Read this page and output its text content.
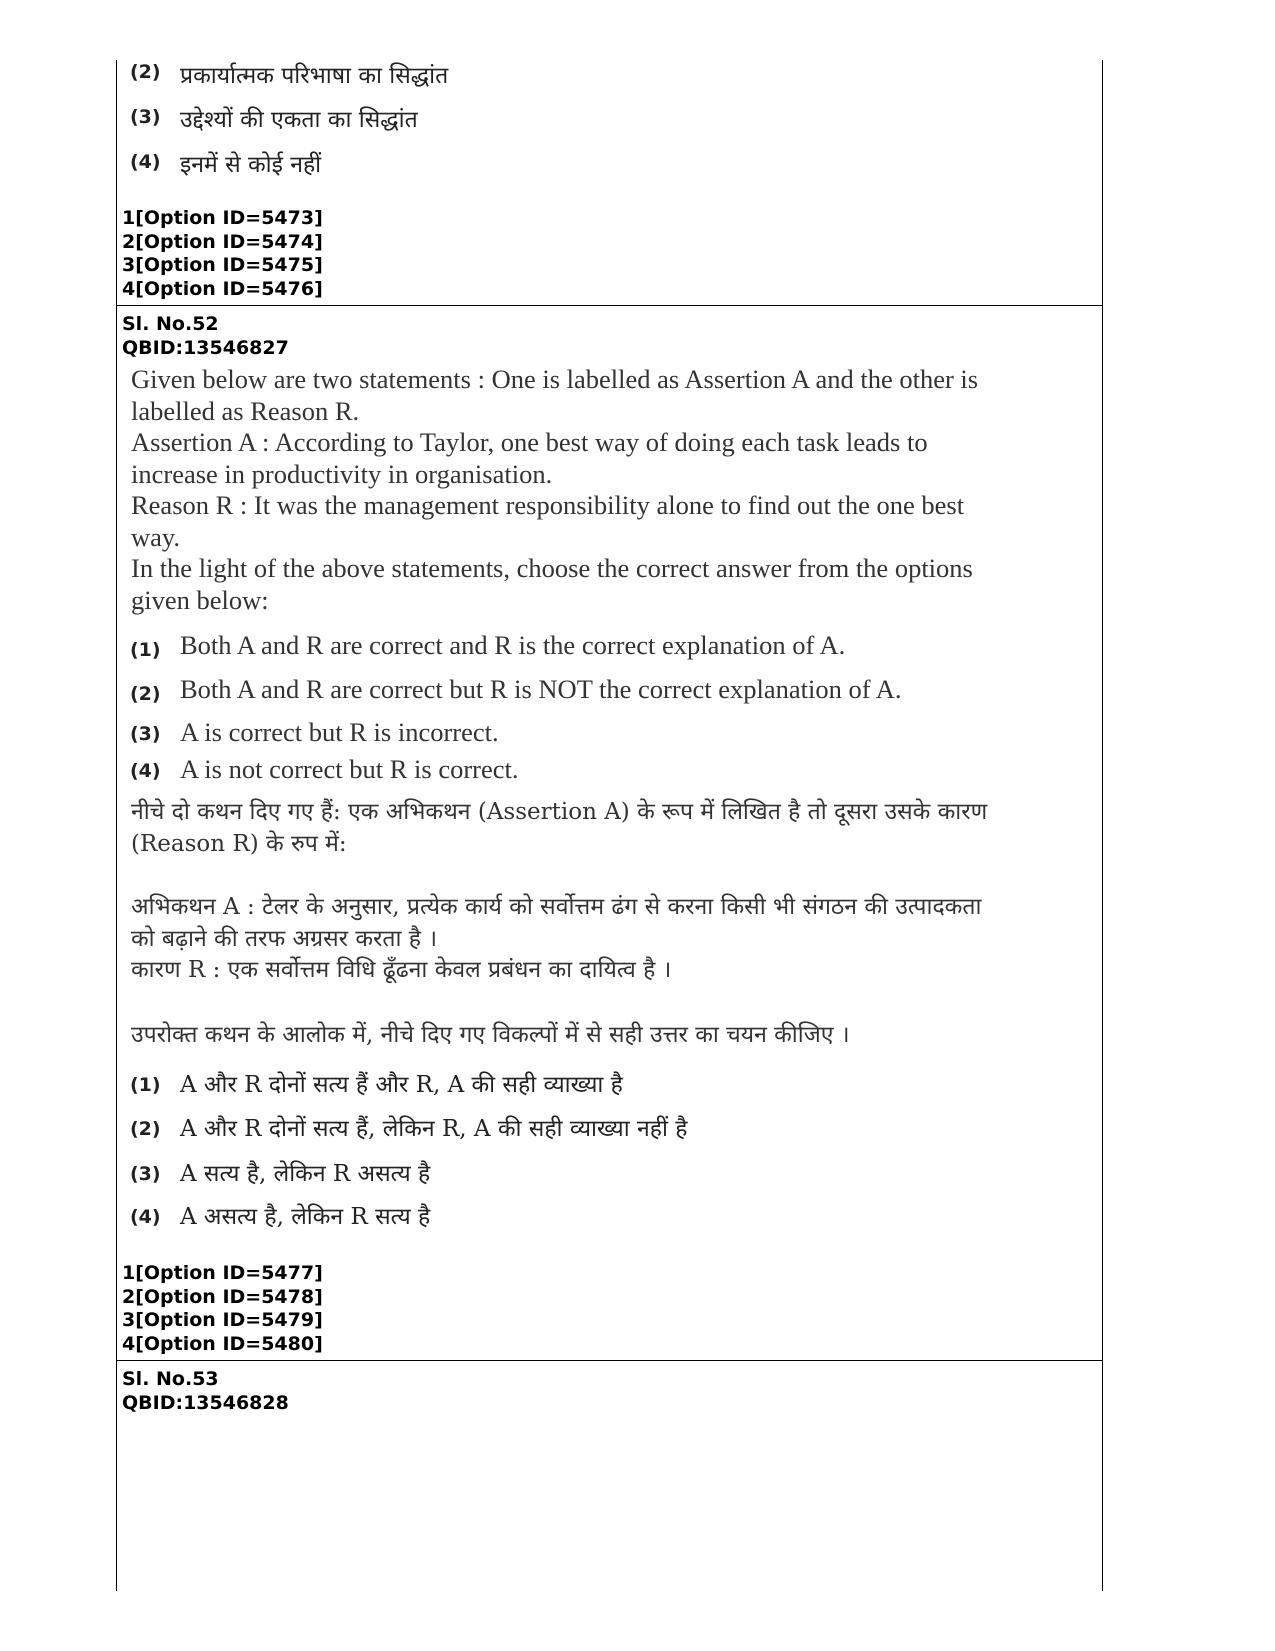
(2) प्रकार्यात्मक परिभाषा का सिद्धांत
(3) उद्देश्यों की एकता का सिद्धांत
(4) इनमें से कोई नहीं
1[Option ID=5473]
2[Option ID=5474]
3[Option ID=5475]
4[Option ID=5476]
Sl. No.52
QBID:13546827
Given below are two statements : One is labelled as Assertion A and the other is
labelled as Reason R.
Assertion A : According to Taylor, one best way of doing each task leads to
increase in productivity in organisation.
Reason R : It was the management responsibility alone to find out the one best
way.
In the light of the above statements, choose the correct answer from the options
given below:
(1) Both A and R are correct and R is the correct explanation of A.
(2) Both A and R are correct but R is NOT the correct explanation of A.
(3) A is correct but R is incorrect.
(4) A is not correct but R is correct.
नीचे दो कथन दिए गए हैं: एक अभिकथन (Assertion A) के रूप में लिखित है तो दूसरा उसके कारण
(Reason R) के रुप में:
अभिकथन A : टेलर के अनुसार, प्रत्येक कार्य को सर्वोत्तम ढंग से करना किसी भी संगठन की उत्पादकता
को बढ़ाने की तरफ अग्रसर करता है ।
कारण R : एक सर्वोत्तम विधि ढूँढना केवल प्रबंधन का दायित्व है ।
उपरोक्त कथन के आलोक में, नीचे दिए गए विकल्पों में से सही उत्तर का चयन कीजिए ।
(1) A और R दोनों सत्य हैं और R, A की सही व्याख्या है
(2) A और R दोनों सत्य हैं, लेकिन R, A की सही व्याख्या नहीं है
(3) A सत्य है, लेकिन R असत्य है
(4) A असत्य है, लेकिन R सत्य है
1[Option ID=5477]
2[Option ID=5478]
3[Option ID=5479]
4[Option ID=5480]
Sl. No.53
QBID:13546828
